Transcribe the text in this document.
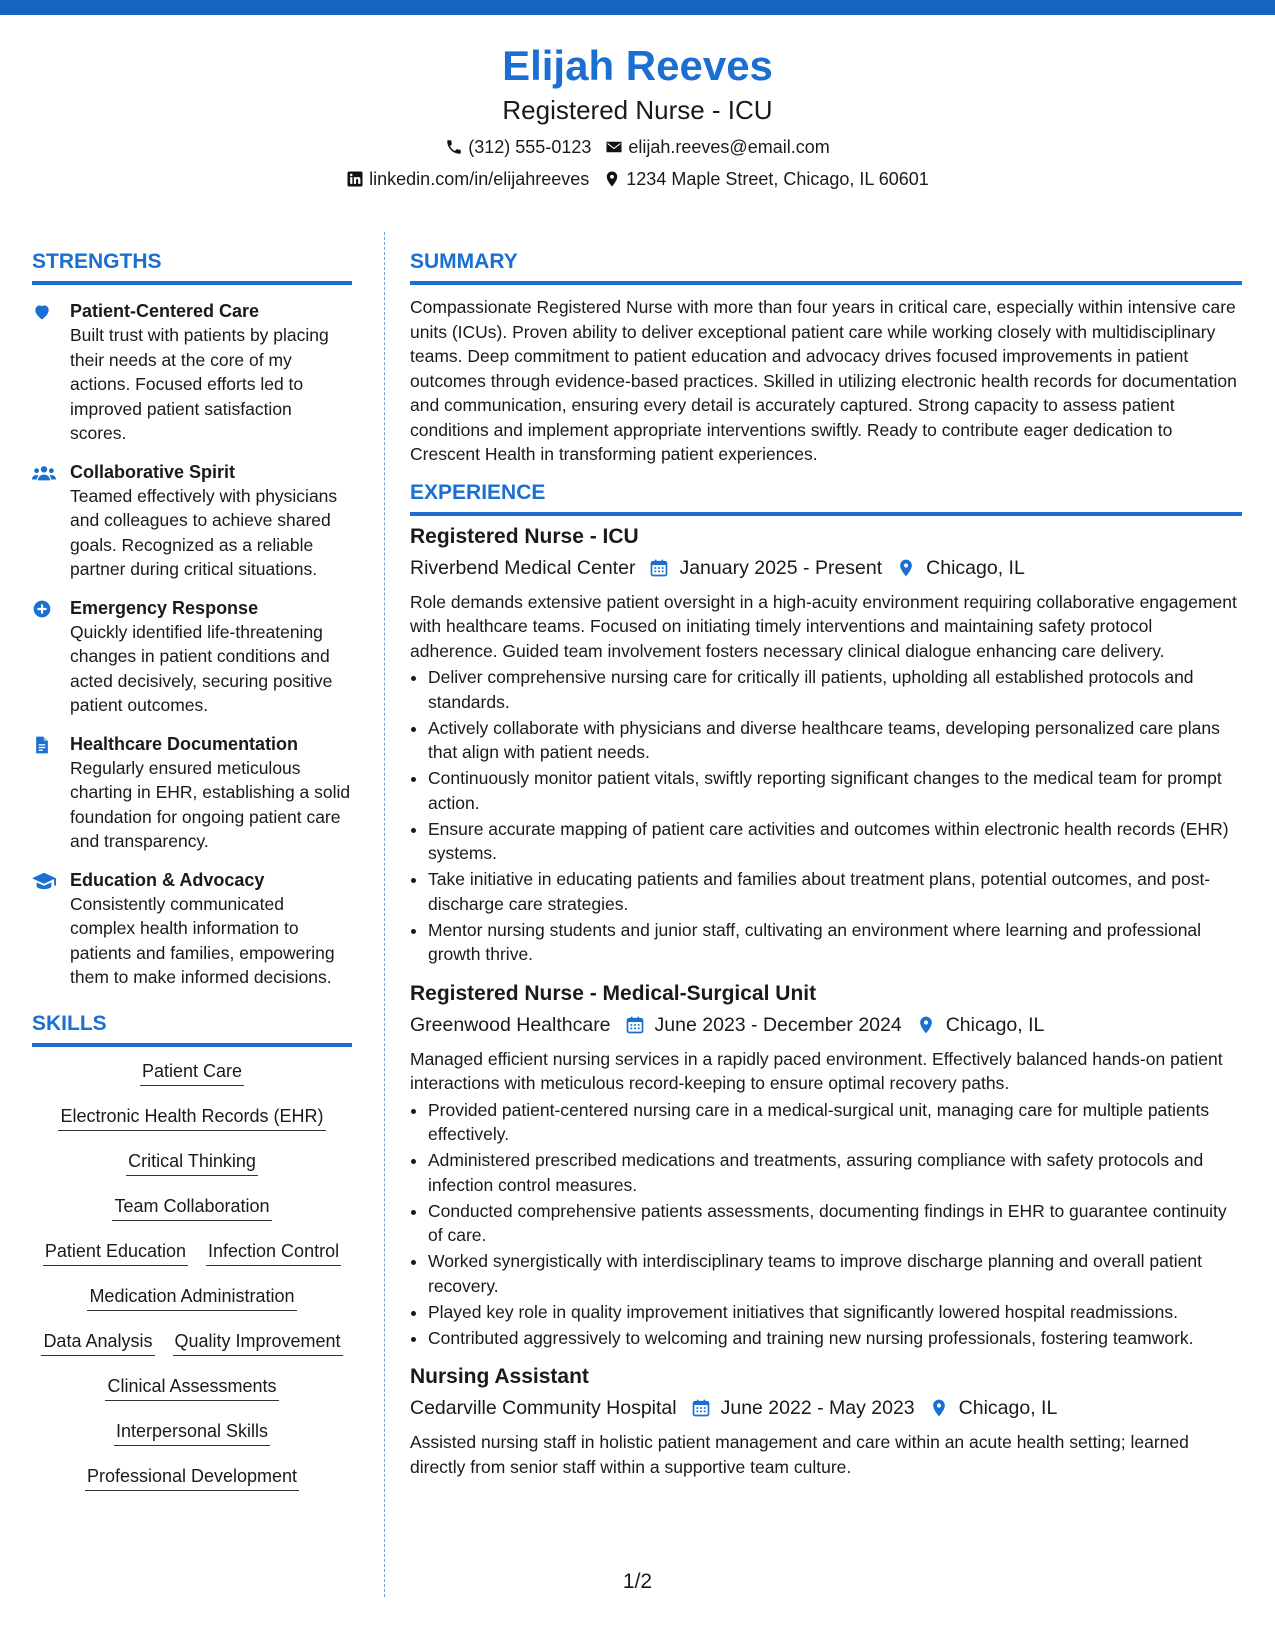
Elijah Reeves
Registered Nurse - ICU
(312) 555-0123 elijah.reeves@email.com
linkedin.com/in/elijahreeves 1234 Maple Street, Chicago, IL 60601
STRENGTHS
Patient-Centered Care
Built trust with patients by placing their needs at the core of my actions. Focused efforts led to improved patient satisfaction scores.
Collaborative Spirit
Teamed effectively with physicians and colleagues to achieve shared goals. Recognized as a reliable partner during critical situations.
Emergency Response
Quickly identified life-threatening changes in patient conditions and acted decisively, securing positive patient outcomes.
Healthcare Documentation
Regularly ensured meticulous charting in EHR, establishing a solid foundation for ongoing patient care and transparency.
Education & Advocacy
Consistently communicated complex health information to patients and families, empowering them to make informed decisions.
SKILLS
Patient Care
Electronic Health Records (EHR)
Critical Thinking
Team Collaboration
Patient Education Infection Control
Medication Administration
Data Analysis Quality Improvement
Clinical Assessments
Interpersonal Skills
Professional Development
SUMMARY
Compassionate Registered Nurse with more than four years in critical care, especially within intensive care units (ICUs). Proven ability to deliver exceptional patient care while working closely with multidisciplinary teams. Deep commitment to patient education and advocacy drives focused improvements in patient outcomes through evidence-based practices. Skilled in utilizing electronic health records for documentation and communication, ensuring every detail is accurately captured. Strong capacity to assess patient conditions and implement appropriate interventions swiftly. Ready to contribute eager dedication to Crescent Health in transforming patient experiences.
EXPERIENCE
Registered Nurse - ICU
Riverbend Medical Center January 2025 - Present Chicago, IL
Role demands extensive patient oversight in a high-acuity environment requiring collaborative engagement with healthcare teams. Focused on initiating timely interventions and maintaining safety protocol adherence. Guided team involvement fosters necessary clinical dialogue enhancing care delivery.
• Deliver comprehensive nursing care for critically ill patients, upholding all established protocols and standards.
• Actively collaborate with physicians and diverse healthcare teams, developing personalized care plans that align with patient needs.
• Continuously monitor patient vitals, swiftly reporting significant changes to the medical team for prompt action.
• Ensure accurate mapping of patient care activities and outcomes within electronic health records (EHR) systems.
• Take initiative in educating patients and families about treatment plans, potential outcomes, and post-discharge care strategies.
• Mentor nursing students and junior staff, cultivating an environment where learning and professional growth thrive.
Registered Nurse - Medical-Surgical Unit
Greenwood Healthcare June 2023 - December 2024 Chicago, IL
Managed efficient nursing services in a rapidly paced environment. Effectively balanced hands-on patient interactions with meticulous record-keeping to ensure optimal recovery paths.
• Provided patient-centered nursing care in a medical-surgical unit, managing care for multiple patients effectively.
• Administered prescribed medications and treatments, assuring compliance with safety protocols and infection control measures.
• Conducted comprehensive patients assessments, documenting findings in EHR to guarantee continuity of care.
• Worked synergistically with interdisciplinary teams to improve discharge planning and overall patient recovery.
• Played key role in quality improvement initiatives that significantly lowered hospital readmissions.
• Contributed aggressively to welcoming and training new nursing professionals, fostering teamwork.
Nursing Assistant
Cedarville Community Hospital June 2022 - May 2023 Chicago, IL
Assisted nursing staff in holistic patient management and care within an acute health setting; learned directly from senior staff within a supportive team culture.
1/2
